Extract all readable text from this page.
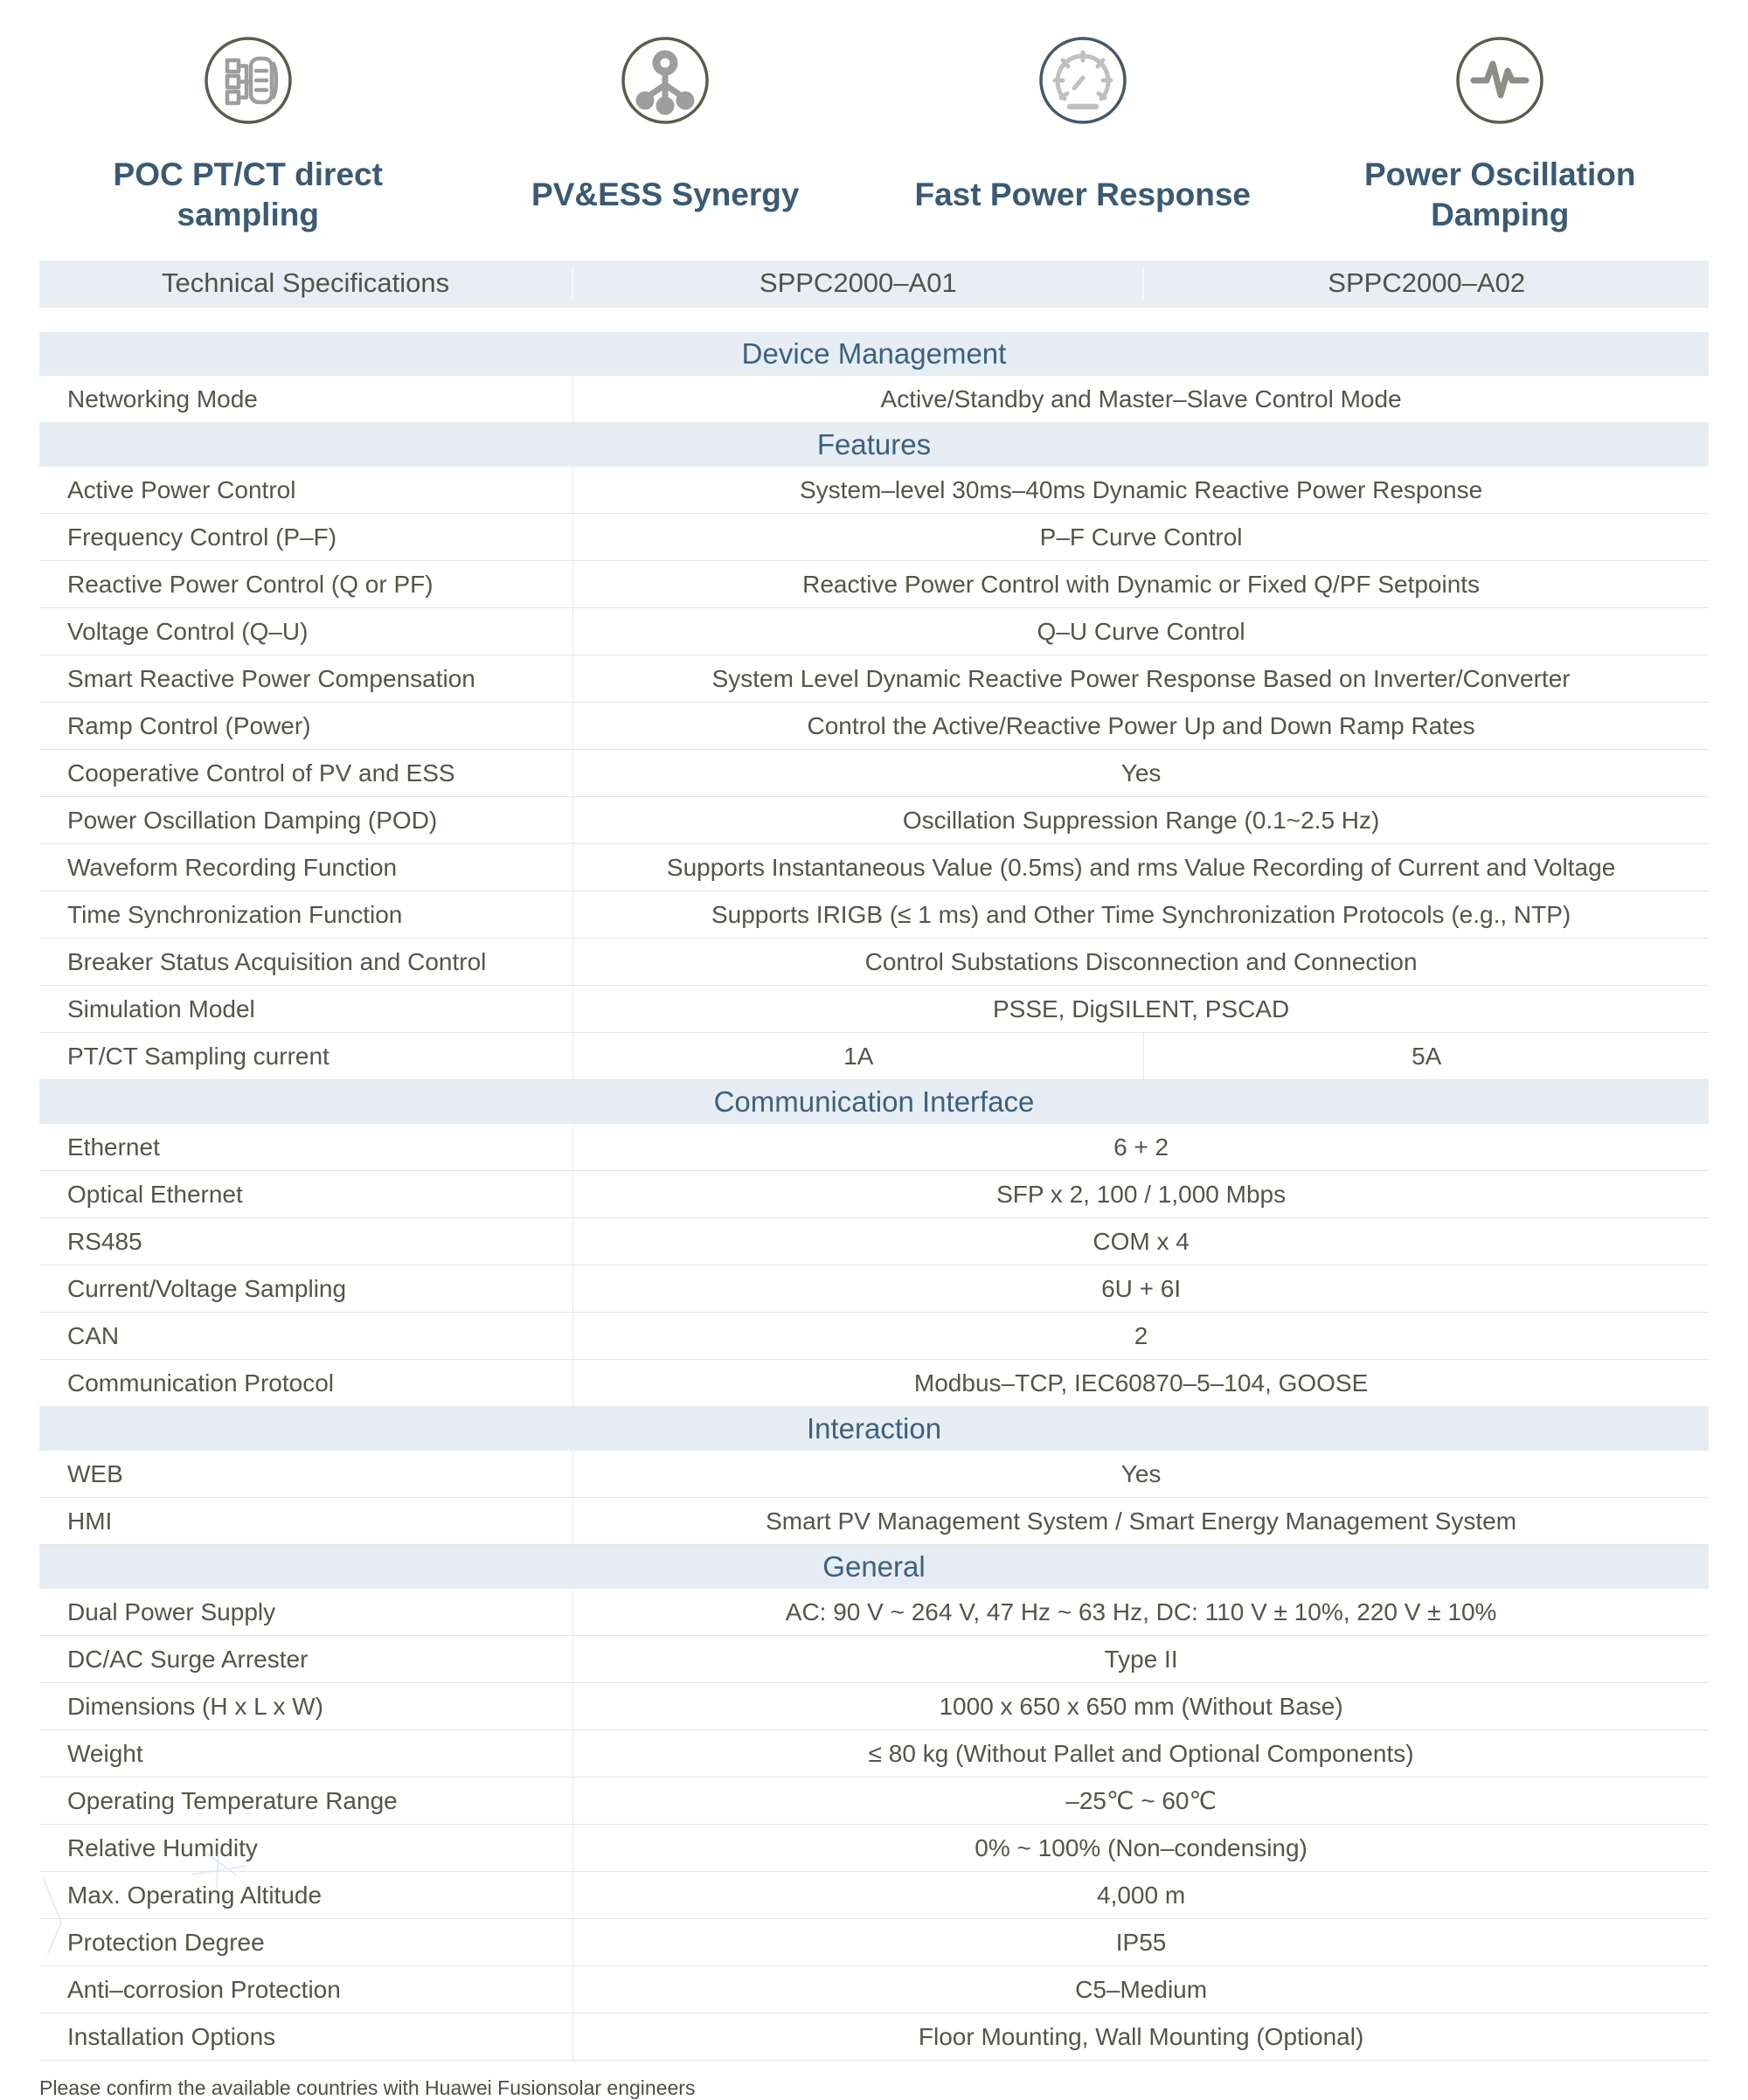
POC PT/CT direct sampling
PV&ESS Synergy	Fast Power Response
Power Oscillation Damping
Technical Specifications	SPPC2000–A01	SPPC2000–A02
Device Management
Networking Mode	Active/Standby and Master–Slave Control Mode
Features
Active Power Control	System–level 30ms–40ms Dynamic Reactive Power Response
Frequency Control (P–F)	P–F Curve Control
Reactive Power Control (Q or PF)	Reactive Power Control with Dynamic or Fixed Q/PF Setpoints
Voltage Control (Q–U)	Q–U Curve Control
Smart Reactive Power Compensation	System Level Dynamic Reactive Power Response Based on Inverter/Converter
Ramp Control (Power)	Control the Active/Reactive Power Up and Down Ramp Rates
Cooperative Control of PV and ESS	Yes
Power Oscillation Damping (POD)	Oscillation Suppression Range (0.1~2.5 Hz)
Waveform Recording Function	Supports Instantaneous Value (0.5ms) and rms Value Recording of Current and Voltage
Time Synchronization Function	Supports IRIGB (≤ 1 ms) and Other Time Synchronization Protocols (e.g., NTP)
Breaker Status Acquisition and Control	Control Substations Disconnection and Connection
Simulation Model	PSSE, DigSILENT, PSCAD
PT/CT Sampling current	1A	5A
Communication Interface
Ethernet	6 + 2
Optical Ethernet	SFP x 2, 100 / 1,000 Mbps
RS485	COM x 4
Current/Voltage Sampling	6U + 6I
CAN	2
Communication Protocol	Modbus–TCP, IEC60870–5–104, GOOSE
Interaction
WEB	Yes
HMI	Smart PV Management System / Smart Energy Management System
General
Dual Power Supply	AC: 90 V ~ 264 V, 47 Hz ~ 63 Hz, DC: 110 V ± 10%, 220 V ± 10%
DC/AC Surge Arrester	Type II
Dimensions (H x L x W)	1000 x 650 x 650 mm (Without Base)
Weight	≤ 80 kg (Without Pallet and Optional Components)
Operating Temperature Range	–25℃ ~ 60℃
Relative Humidity	0% ~ 100% (Non–condensing)
Max. Operating Altitude	4,000 m
Protection Degree	IP55
Anti–corrosion Protection	C5–Medium
Installation Options	Floor Mounting, Wall Mounting (Optional)
Please confirm the available countries with Huawei Fusionsolar engineers
